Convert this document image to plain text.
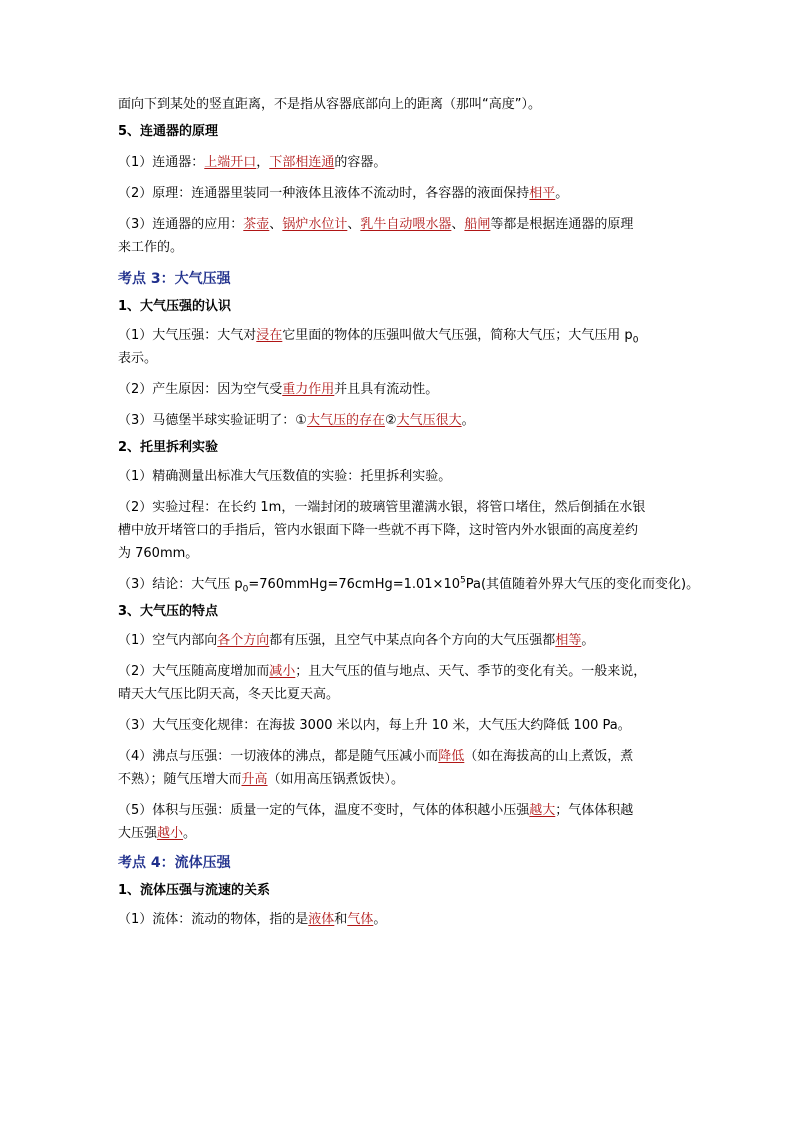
面向下到某处的竖直距离，不是指从容器底部向上的距离（那叫“高度”）。

5、连通器的原理

（1）连通器：上端开口，下部相连通的容器。

（2）原理：连通器里装同一种液体且液体不流动时，各容器的液面保持相平。

（3）连通器的应用：茶壶、锅炉水位计、乳牛自动喂水器、船闸等都是根据连通器的原理

来工作的。

考点 3：大气压强

1、大气压强的认识

（1）大气压强：大气对浸在它里面的物体的压强叫做大气压强，简称大气压；大气压用 $p_0$

表示。

（2）产生原因：因为空气受重力作用并且具有流动性。

（3）马德堡半球实验证明了：①大气压的存在②大气压很大。

2、托里拆利实验

（1）精确测量出标准大气压数值的实验：托里拆利实验。

（2）实验过程：在长约 1m，一端封闭的玻璃管里灌满水银，将管口堵住，然后倒插在水银

槽中放开堵管口的手指后，管内水银面下降一些就不再下降，这时管内外水银面的高度差约

为 760mm。

（3）结论：大气压 $p_0=760mmHg=76cmHg=1.01\times 10^5Pa$(其值随着外界大气压的变化而变化)。

3、大气压的特点

（1）空气内部向各个方向都有压强，且空气中某点向各个方向的大气压强都相等。

（2）大气压随高度增加而减小；且大气压的值与地点、天气、季节的变化有关。一般来说，

晴天大气压比阴天高，冬天比夏天高。

（3）大气压变化规律：在海拔 3000 米以内，每上升 10 米，大气压大约降低 100 Pa。

（4）沸点与压强：一切液体的沸点，都是随气压减小而降低（如在海拔高的山上煮饭，煮

不熟）；随气压增大而升高（如用高压锅煮饭快）。

（5）体积与压强：质量一定的气体，温度不变时，气体的体积越小压强越大；气体体积越

大压强越小。

考点 4：流体压强

1、流体压强与流速的关系

（1）流体：流动的物体，指的是液体和气体。
